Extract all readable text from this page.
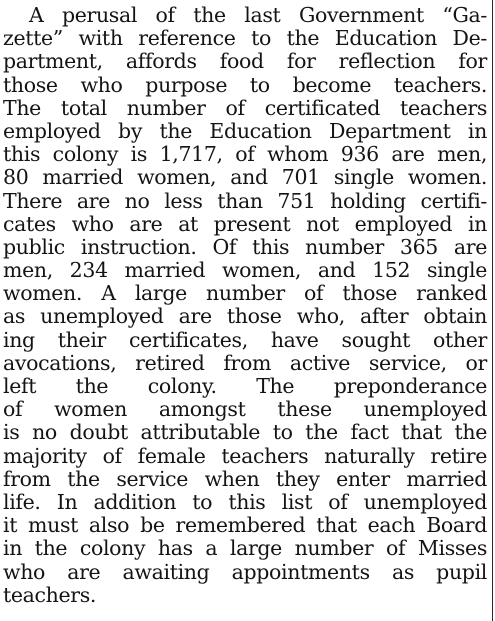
A perusal of the last Government “Ga-
zette” with reference to the Education De-
partment, affords food for reflection for
those who purpose to become teachers.
The total number of certificated teachers
employed by the Education Department in
this colony is 1,717, of whom 936 are men,
80 married women, and 701 single women.
There are no less than 751 holding certifi-
cates who are at present not employed in
public instruction. Of this number 365 are
men, 234 married women, and 152 single
women. A large number of those ranked
as unemployed are those who, after obtain
ing their certificates, have sought other
avocations, retired from active service, or
left the colony. The preponderance
of women amongst these unemployed
is no doubt attributable to the fact that the
majority of female teachers naturally retire
from the service when they enter married
life. In addition to this list of unemployed
it must also be remembered that each Board
in the colony has a large number of Misses
who are awaiting appointments as pupil
teachers.
